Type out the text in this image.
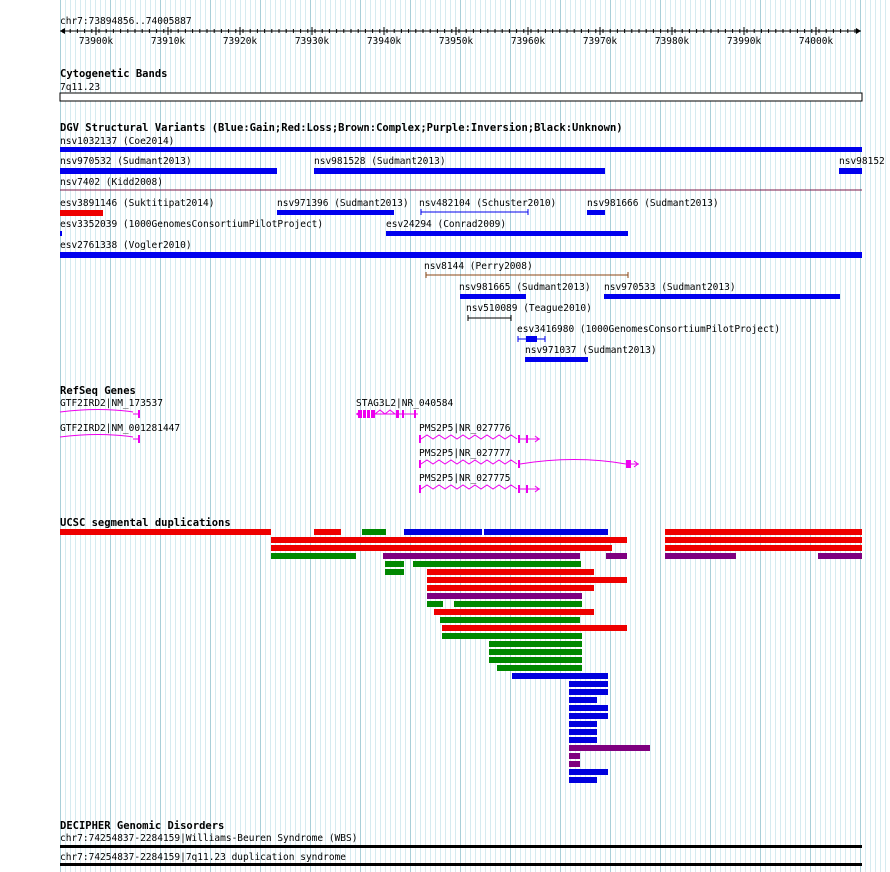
chr7:73894856..74005887
73900k	73910k	73920k	73930k	73940k	73950k	73960k	73970k	73980k	73990k	74000k
Cytogenetic Bands
7q11.23
DGV Structural Variants (Blue:Gain;Red:Loss;Brown:Complex;Purple:Inversion;Black:Unknown)
nsv1032137 (Coe2014)
nsv970532 (Sudmant2013)	nsv981528 (Sudmant2013)	nsv98152
nsv7402 (Kidd2008)
esv3891146 (Suktitipat2014)	nsv971396 (Sudmant2013) nsv482104 (Schuster2010)	nsv981666 (Sudmant2013)
esv3352039 (1000GenomesConsortiumPilotProject)	esv24294 (Conrad2009)
esv2761338 (Vogler2010)
nsv8144 (Perry2008)
nsv981665 (Sudmant2013) nsv970533 (Sudmant2013)
nsv510089 (Teague2010)
esv3416980 (1000GenomesConsortiumPilotProject)
nsv971037 (Sudmant2013)
RefSeq Genes
GTF2IRD2|NM_173537	STAG3L2|NR_040584
GTF2IRD2|NM_001281447	PMS2P5|NR_027776
PMS2P5|NR_027777
PMS2P5|NR_027775
UCSC segmental duplications
DECIPHER Genomic Disorders
chr7:74254837-2284159|Williams-Beuren Syndrome (WBS)
chr7:74254837-2284159|7q11.23 duplication syndrome
